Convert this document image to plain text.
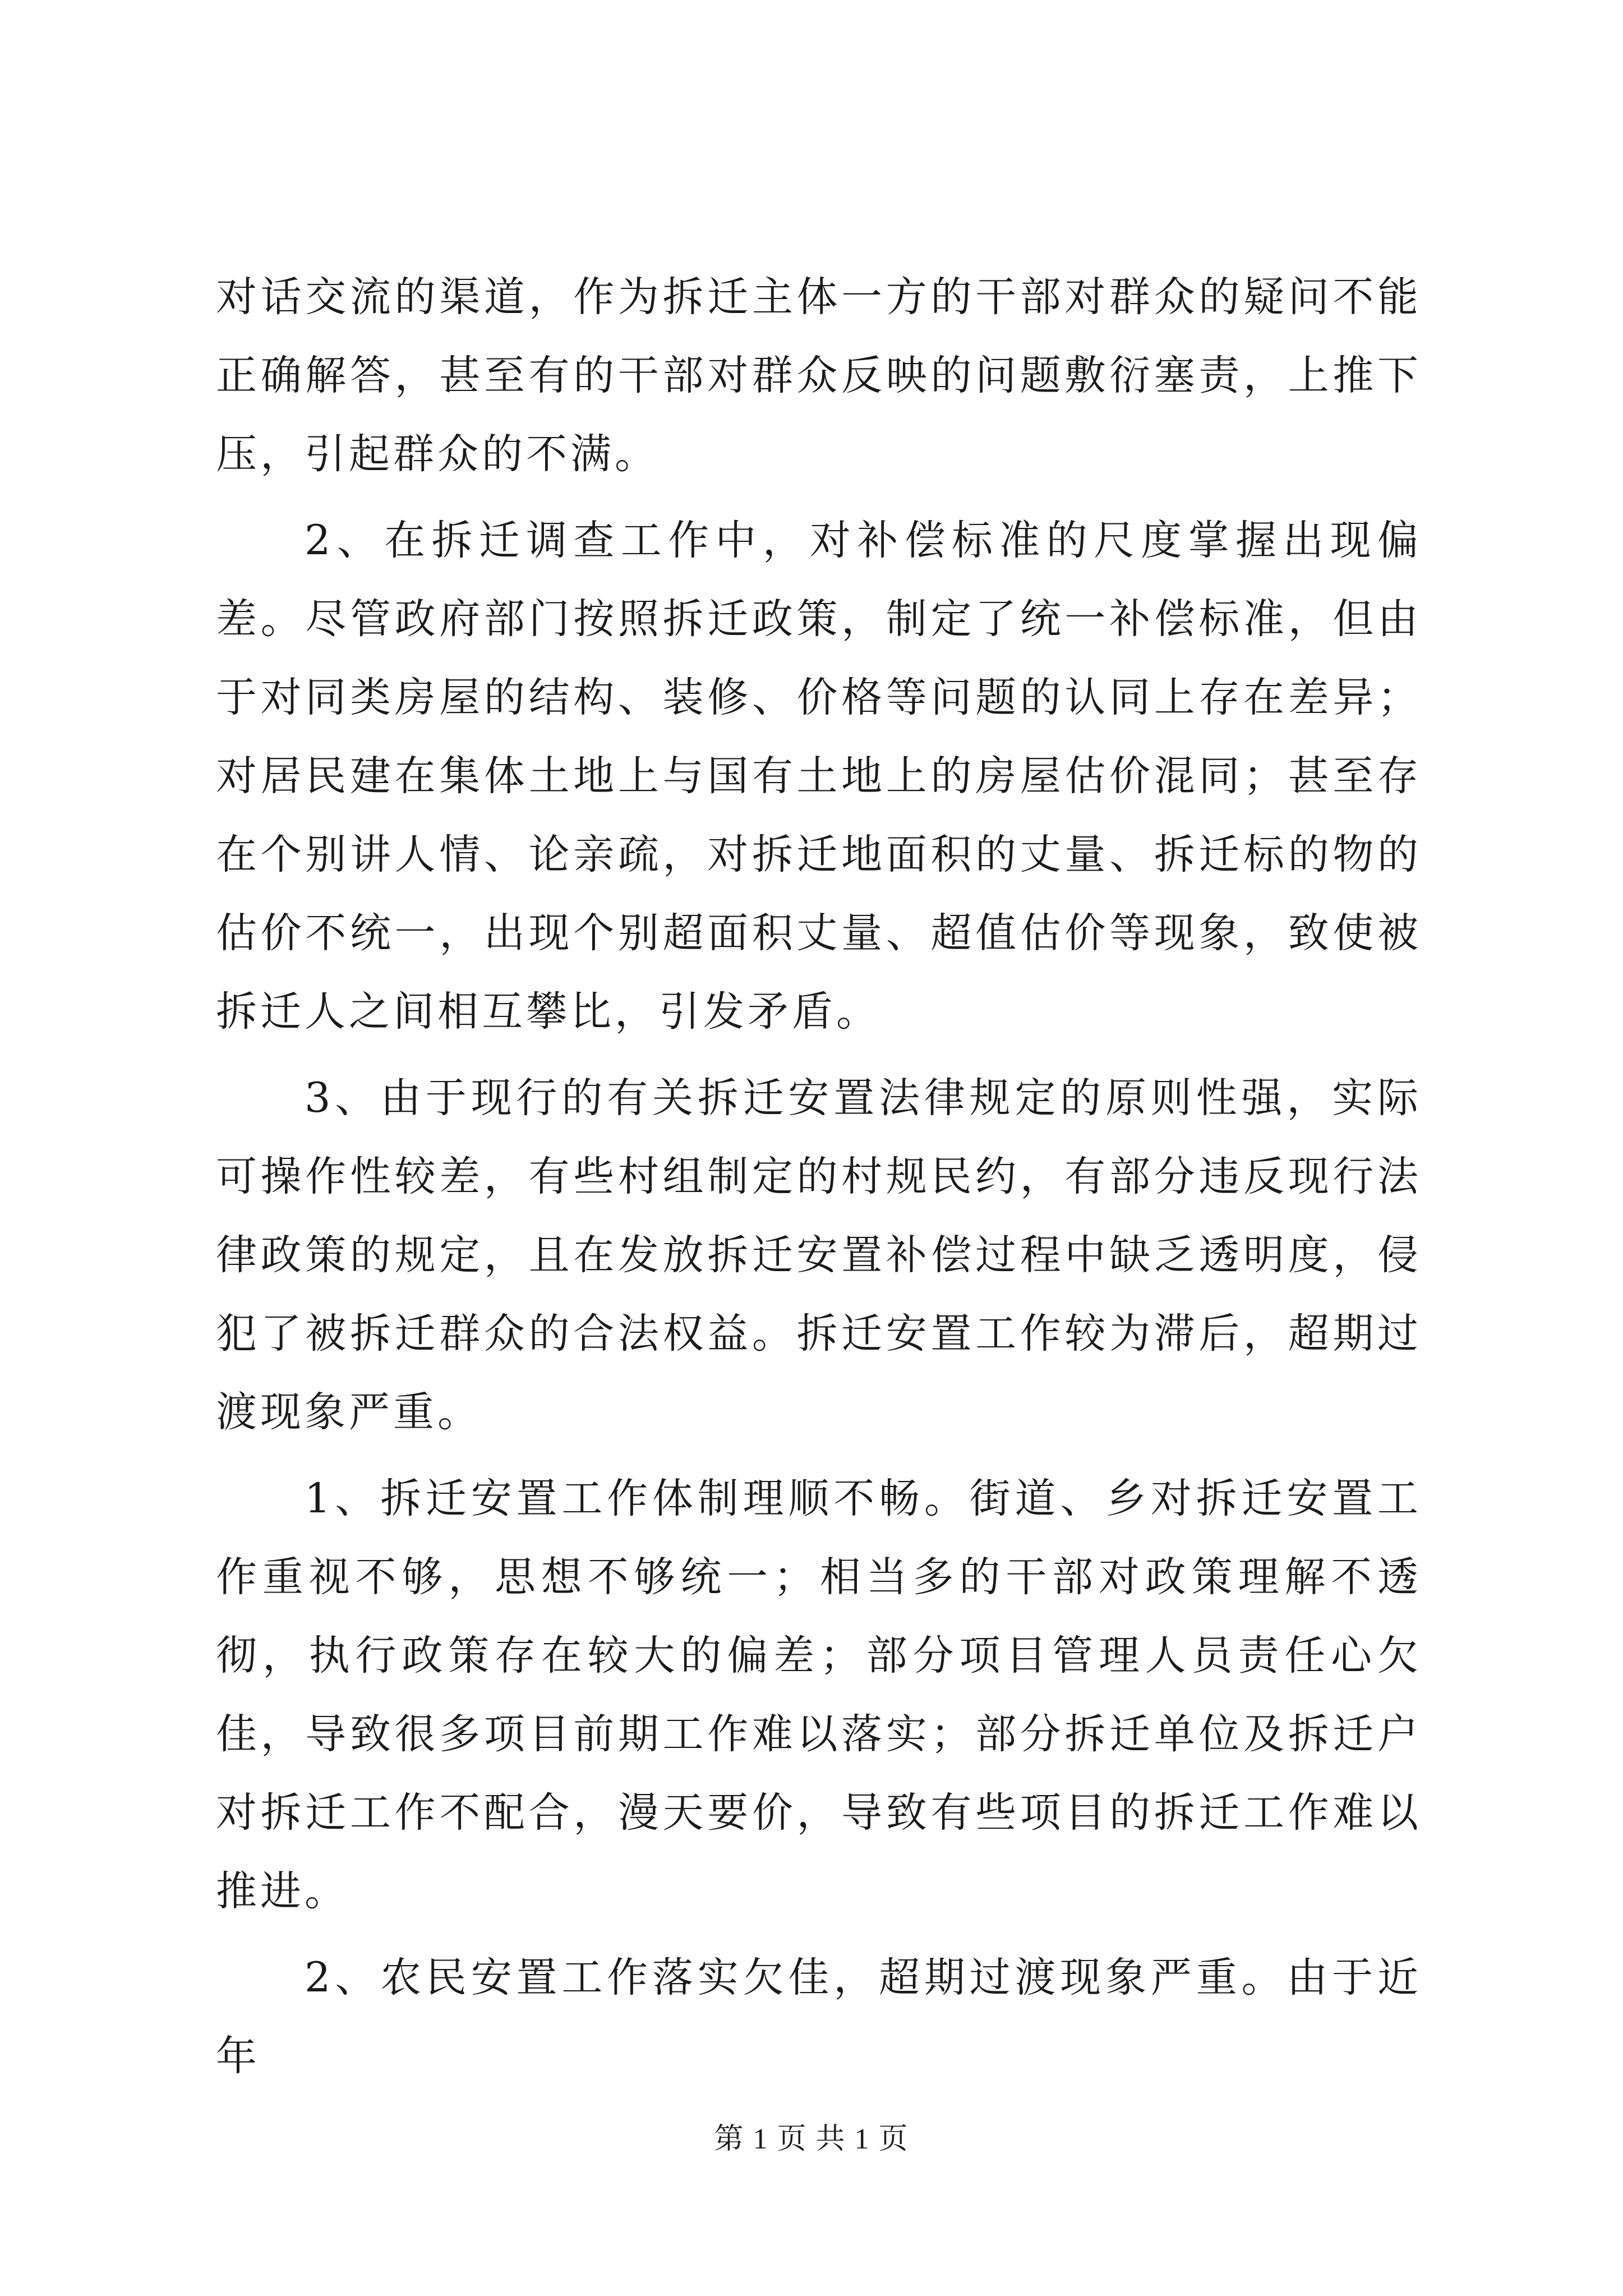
对话交流的渠道，作为拆迁主体一方的干部对群众的疑问不能正确解答，甚至有的干部对群众反映的问题敷衍塞责，上推下压，引起群众的不满。

2、在拆迁调查工作中，对补偿标准的尺度掌握出现偏差。尽管政府部门按照拆迁政策，制定了统一补偿标准，但由于对同类房屋的结构、装修、价格等问题的认同上存在差异；对居民建在集体土地上与国有土地上的房屋估价混同；甚至存在个别讲人情、论亲疏，对拆迁地面积的丈量、拆迁标的物的估价不统一，出现个别超面积丈量、超值估价等现象，致使被拆迁人之间相互攀比，引发矛盾。

3、由于现行的有关拆迁安置法律规定的原则性强，实际可操作性较差，有些村组制定的村规民约，有部分违反现行法律政策的规定，且在发放拆迁安置补偿过程中缺乏透明度，侵犯了被拆迁群众的合法权益。拆迁安置工作较为滞后，超期过渡现象严重。

1、拆迁安置工作体制理顺不畅。街道、乡对拆迁安置工作重视不够，思想不够统一；相当多的干部对政策理解不透彻，执行政策存在较大的偏差；部分项目管理人员责任心欠佳，导致很多项目前期工作难以落实；部分拆迁单位及拆迁户对拆迁工作不配合，漫天要价，导致有些项目的拆迁工作难以推进。

2、农民安置工作落实欠佳，超期过渡现象严重。由于近年

第 1 页 共 1 页
